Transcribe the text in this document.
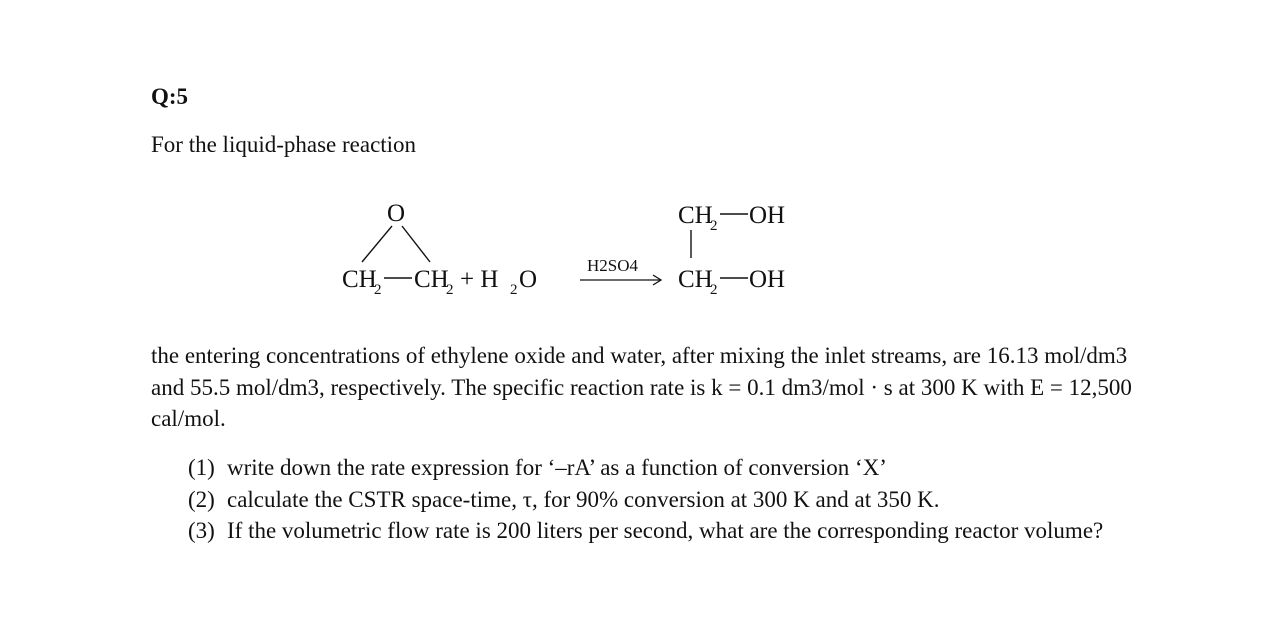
Q:5
For the liquid-phase reaction
O
CH
2 CH
2 + H 2 O
H2SO4
CH
2 OH
CH
2 OH
the entering concentrations of ethylene oxide and water, after mixing the inlet streams, are 16.13 mol/dm3 and 55.5 mol/dm3, respectively. The specific reaction rate is k = 0.1 dm3/mol · s at 300 K with E = 12,500 cal/mol.
(1) write down the rate expression for ‘–rA’ as a function of conversion ‘X’
(2) calculate the CSTR space-time, τ, for 90% conversion at 300 K and at 350 K.
(3) If the volumetric flow rate is 200 liters per second, what are the corresponding reactor volume?
